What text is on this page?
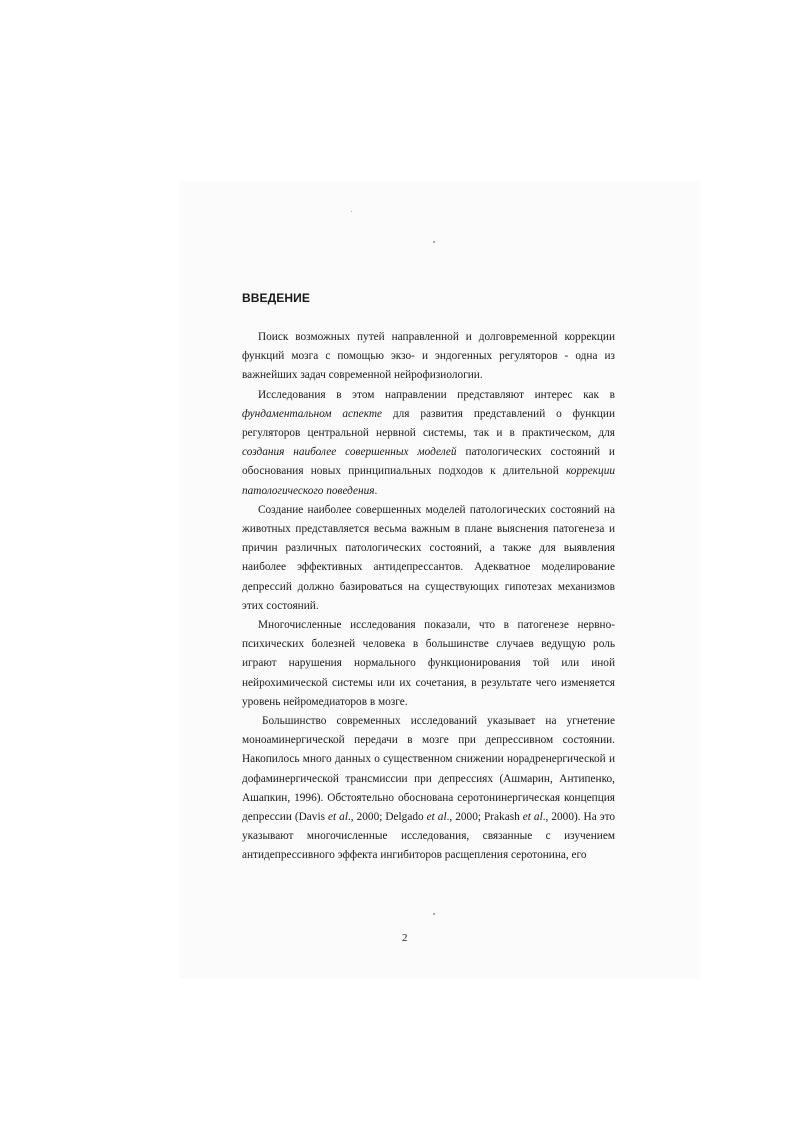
ВВЕДЕНИЕ

Поиск возможных путей направленной и долговременной коррекции функций мозга с помощью экзо- и эндогенных регуляторов - одна из важнейших задач современной нейрофизиологии.

Исследования в этом направлении представляют интерес как в фундаментальном аспекте для развития представлений о функции регуляторов центральной нервной системы, так и в практическом, для создания наиболее совершенных моделей патологических состояний и обоснования новых принципиальных подходов к длительной коррекции патологического поведения.

Создание наиболее совершенных моделей патологических состояний на животных представляется весьма важным в плане выяснения патогенеза и причин различных патологических состояний, а также для выявления наиболее эффективных антидепрессантов. Адекватное моделирование депрессий должно базироваться на существующих гипотезах механизмов этих состояний.

Многочисленные исследования показали, что в патогенезе нервно-психических болезней человека в большинстве случаев ведущую роль играют нарушения нормального функционирования той или иной нейрохимической системы или их сочетания, в результате чего изменяется уровень нейромедиаторов в мозге.

Большинство современных исследований указывает на угнетение моноаминергической передачи в мозге при депрессивном состоянии. Накопилось много данных о существенном снижении норадренергической и дофаминергической трансмиссии при депрессиях (Ашмарин, Антипенко, Ашапкин, 1996). Обстоятельно обоснована серотонинергическая концепция депрессии (Davis et al., 2000; Delgado et al., 2000; Prakash et al., 2000). На это указывают многочисленные исследования, связанные с изучением антидепрессивного эффекта ингибиторов расщепления серотонина, его

2
